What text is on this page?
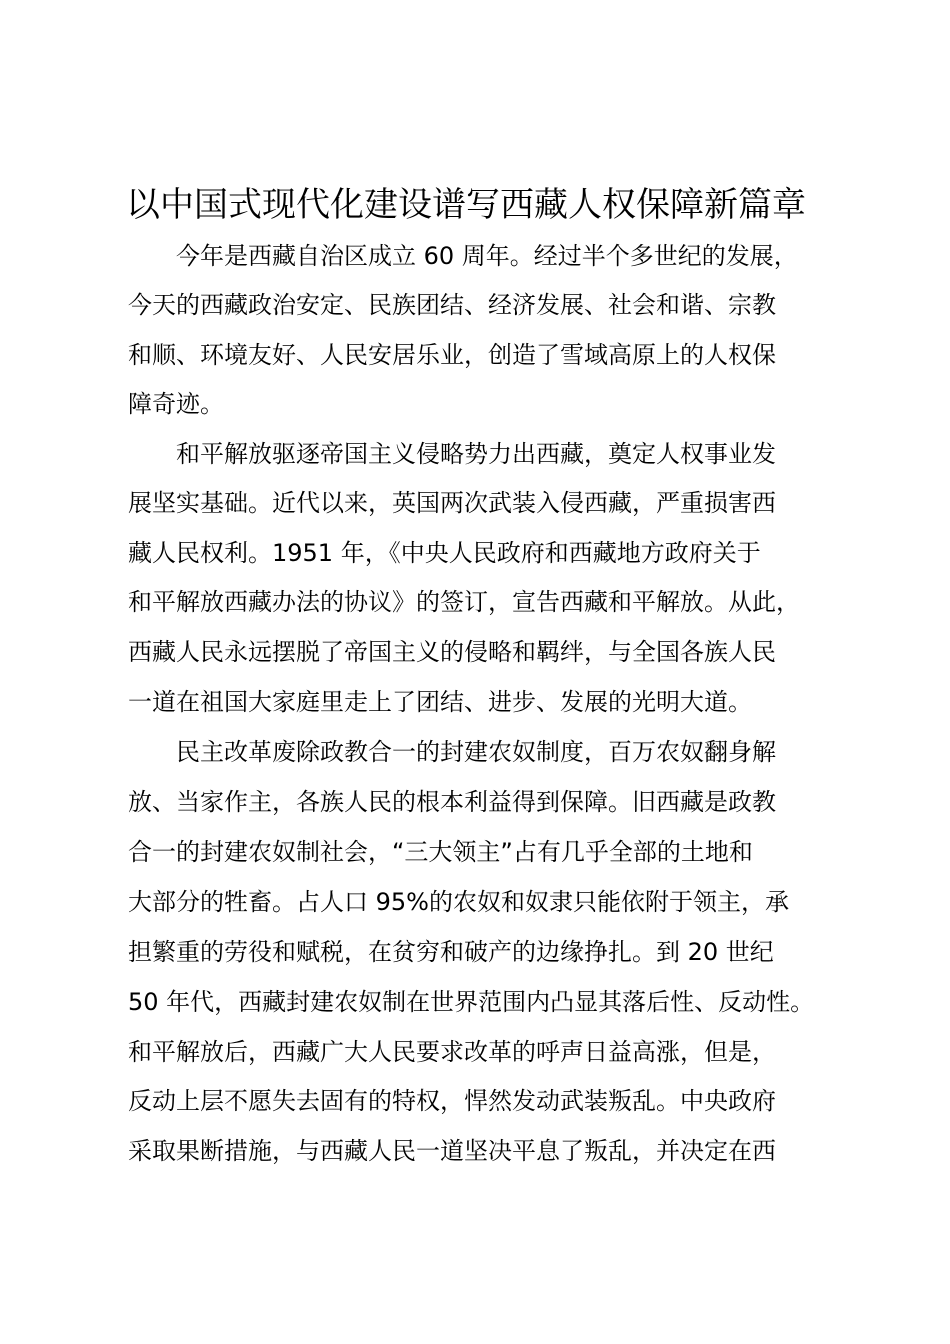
以中国式现代化建设谱写西藏人权保障新篇章

今年是西藏自治区成立 60 周年。经过半个多世纪的发展，

今天的西藏政治安定、民族团结、经济发展、社会和谐、宗教

和顺、环境友好、人民安居乐业，创造了雪域高原上的人权保

障奇迹。

和平解放驱逐帝国主义侵略势力出西藏，奠定人权事业发

展坚实基础。近代以来，英国两次武装入侵西藏，严重损害西

藏人民权利。1951 年，《中央人民政府和西藏地方政府关于

和平解放西藏办法的协议》的签订，宣告西藏和平解放。从此，

西藏人民永远摆脱了帝国主义的侵略和羁绊，与全国各族人民

一道在祖国大家庭里走上了团结、进步、发展的光明大道。

民主改革废除政教合一的封建农奴制度，百万农奴翻身解

放、当家作主，各族人民的根本利益得到保障。旧西藏是政教

合一的封建农奴制社会，“三大领主”占有几乎全部的土地和

大部分的牲畜。占人口 95%的农奴和奴隶只能依附于领主，承

担繁重的劳役和赋税，在贫穷和破产的边缘挣扎。到 20 世纪

50 年代，西藏封建农奴制在世界范围内凸显其落后性、反动性。

和平解放后，西藏广大人民要求改革的呼声日益高涨，但是，

反动上层不愿失去固有的特权，悍然发动武装叛乱。中央政府

采取果断措施，与西藏人民一道坚决平息了叛乱，并决定在西
